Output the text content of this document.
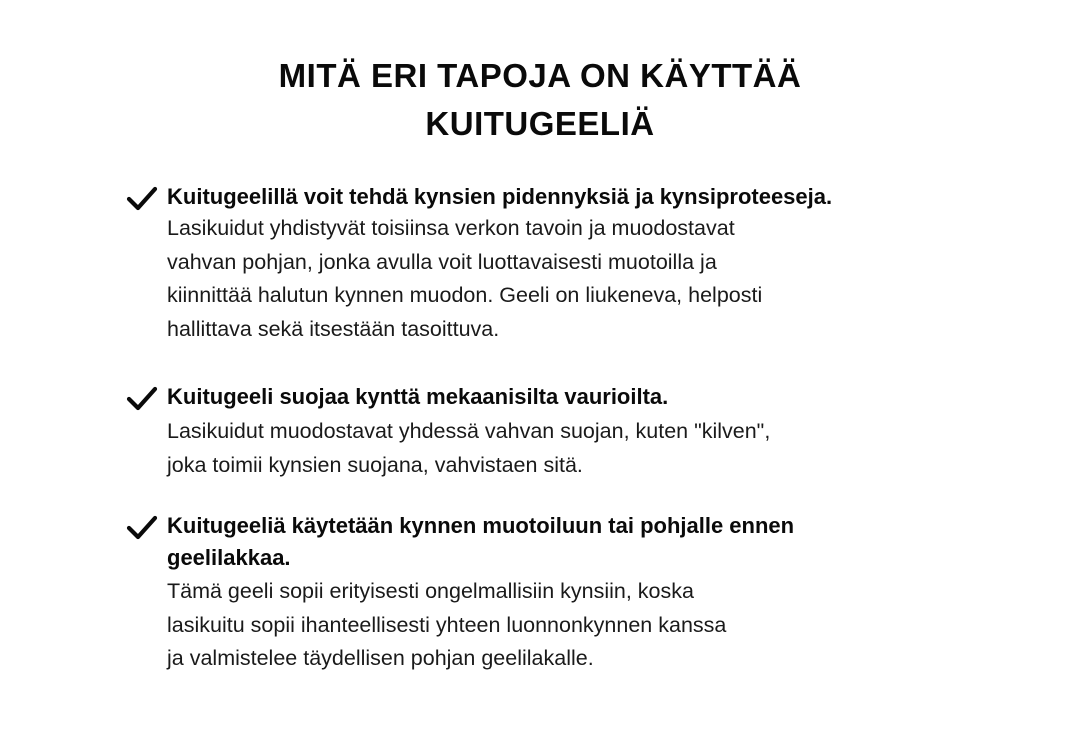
MITÄ ERI TAPOJA ON KÄYTTÄÄ
KUITUGEELIÄ
Kuitugeelillä voit tehdä kynsien pidennyksiä ja kynsiproteeseja.
Lasikuidut yhdistyvät toisiinsa verkon tavoin ja muodostavat
vahvan pohjan, jonka avulla voit luottavaisesti muotoilla ja
kiinnittää halutun kynnen muodon. Geeli on liukeneva, helposti
hallittava sekä itsestään tasoittuva.
Kuitugeeli suojaa kynttä mekaanisilta vaurioilta.
Lasikuidut muodostavat yhdessä vahvan suojan, kuten "kilven",
joka toimii kynsien suojana, vahvistaen sitä.
Kuitugeeliä käytetään kynnen muotoiluun tai pohjalle ennen
geelilakkaa.
Tämä geeli sopii erityisesti ongelmallisiin kynsiin, koska
lasikuitu sopii ihanteellisesti yhteen luonnonkynnen kanssa
ja valmistelee täydellisen pohjan geelilakalle.
